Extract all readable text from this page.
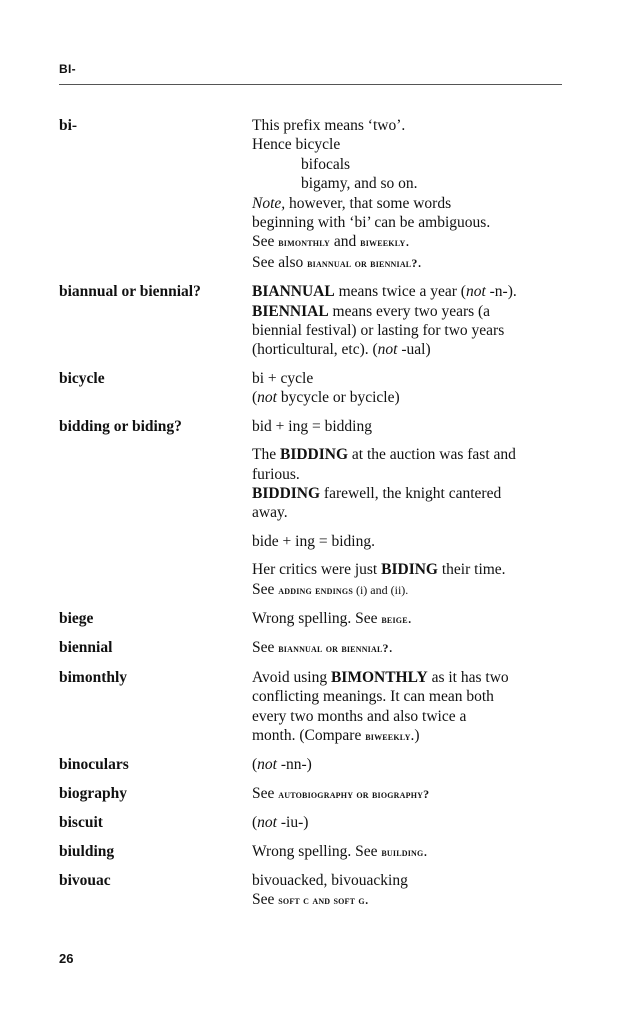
BI-
bi-	This prefix means ‘two’.
Hence bicycle
bifocals
bigamy, and so on.
Note, however, that some words
beginning with ‘bi’ can be ambiguous.
See bimonthly and biweekly.
See also biannual or biennial?.
biannual or biennial?	BIANNUAL means twice a year (not -n-).
BIENNIAL means every two years (a
biennial festival) or lasting for two years
(horticultural, etc). (not -ual)
bicycle	bi + cycle
(not bycycle or bycicle)
bidding or biding?	bid + ing = bidding
The BIDDING at the auction was fast and
furious.
BIDDING farewell, the knight cantered
away.
bide + ing = biding.
Her critics were just BIDING their time.
See adding endings (i) and (ii).
biege	Wrong spelling. See beige.
biennial	See biannual or biennial?.
bimonthly	Avoid using BIMONTHLY as it has two
conflicting meanings. It can mean both
every two months and also twice a
month. (Compare biweekly.)
binoculars	(not -nn-)
biography	See autobiography or biography?
biscuit	(not -iu-)
biulding	Wrong spelling. See building.
bivouac	bivouacked, bivouacking
See soft c and soft g.
26
